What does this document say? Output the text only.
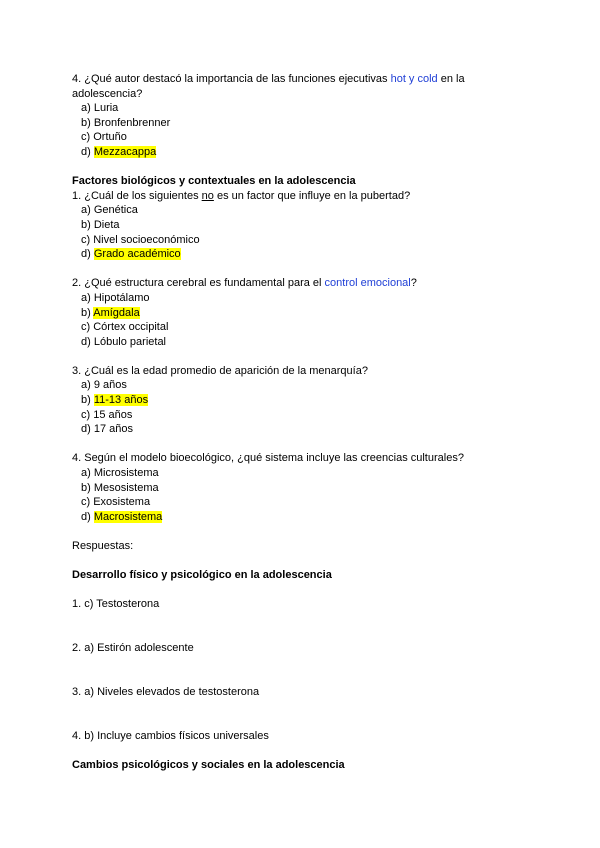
4. ¿Qué autor destacó la importancia de las funciones ejecutivas hot y cold en la
adolescencia?
a) Luria
b) Bronfenbrenner
c) Ortuño
d) Mezzacappa
Factores biológicos y contextuales en la adolescencia
1. ¿Cuál de los siguientes no es un factor que influye en la pubertad?
a) Genética
b) Dieta
c) Nivel socioeconómico
d) Grado académico
2. ¿Qué estructura cerebral es fundamental para el control emocional?
a) Hipotálamo
b) Amígdala
c) Córtex occipital
d) Lóbulo parietal
3. ¿Cuál es la edad promedio de aparición de la menarquía?
a) 9 años
b) 11-13 años
c) 15 años
d) 17 años
4. Según el modelo bioecológico, ¿qué sistema incluye las creencias culturales?
a) Microsistema
b) Mesosistema
c) Exosistema
d) Macrosistema
Respuestas:
Desarrollo físico y psicológico en la adolescencia
1. c) Testosterona
2. a) Estirón adolescente
3. a) Niveles elevados de testosterona
4. b) Incluye cambios físicos universales
Cambios psicológicos y sociales en la adolescencia
